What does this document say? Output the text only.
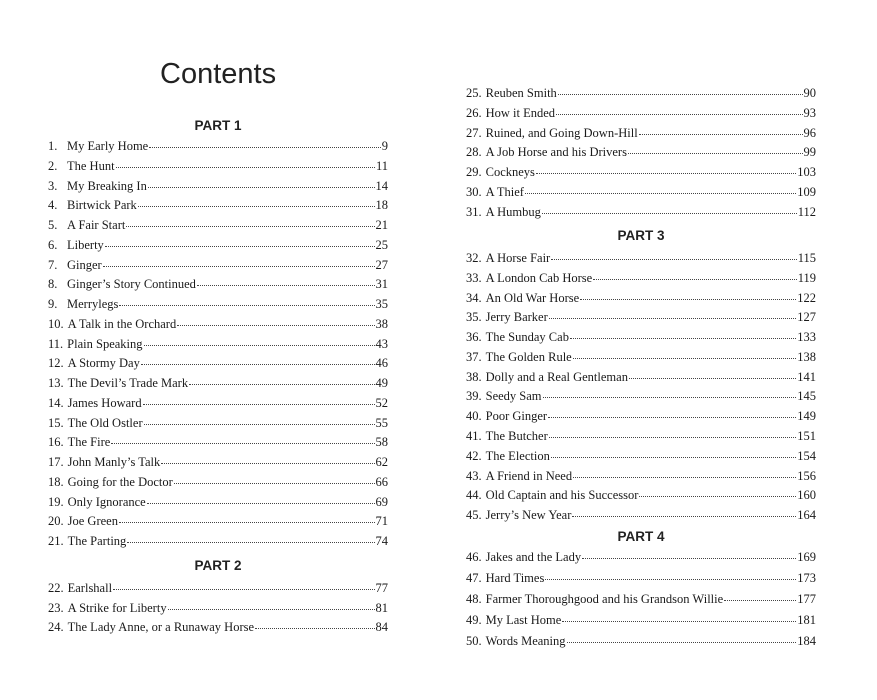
Contents
PART 1
1. My Early Home	9
2. The Hunt	11
3. My Breaking In	14
4. Birtwick Park	18
5. A Fair Start	21
6. Liberty	25
7. Ginger	27
8. Ginger’s Story Continued	31
9. Merrylegs	35
10. A Talk in the Orchard	38
11. Plain Speaking	43
12. A Stormy Day	46
13. The Devil’s Trade Mark	49
14. James Howard	52
15. The Old Ostler	55
16. The Fire	58
17. John Manly’s Talk	62
18. Going for the Doctor	66
19. Only Ignorance	69
20. Joe Green	71
21. The Parting	74
PART 2
22. Earlshall	77
23. A Strike for Liberty	81
24. The Lady Anne, or a Runaway Horse	84
25. Reuben Smith	90
26. How it Ended	93
27. Ruined, and Going Down-Hill	96
28. A Job Horse and his Drivers	99
29. Cockneys	103
30. A Thief	109
31. A Humbug	112
PART 3
32. A Horse Fair	115
33. A London Cab Horse	119
34. An Old War Horse	122
35. Jerry Barker	127
36. The Sunday Cab	133
37. The Golden Rule	138
38. Dolly and a Real Gentleman	141
39. Seedy Sam	145
40. Poor Ginger	149
41. The Butcher	151
42. The Election	154
43. A Friend in Need	156
44. Old Captain and his Successor	160
45. Jerry’s New Year	164
PART 4
46. Jakes and the Lady	169
47. Hard Times	173
48. Farmer Thoroughgood and his Grandson Willie	177
49. My Last Home	181
50. Words Meaning	184
